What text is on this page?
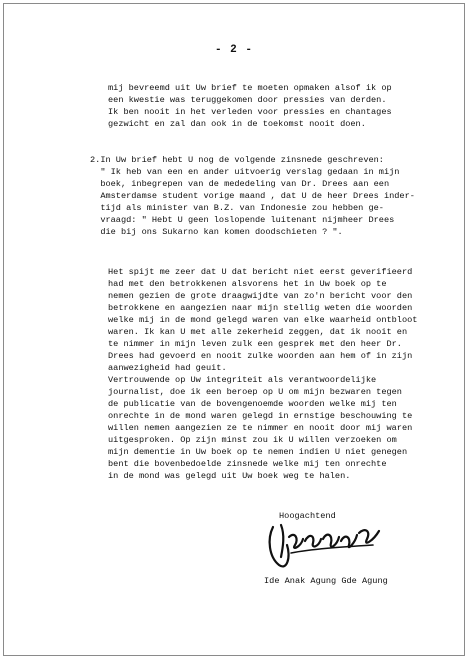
- 2 -
mij bevreemd uit Uw brief te moeten opmaken alsof ik op
een kwestie was teruggekomen door pressies van derden.
Ik ben nooit in het verleden voor pressies en chantages
gezwicht en zal dan ook in de toekomst nooit doen.
2.In Uw brief hebt U nog de volgende zinsnede geschreven:
" Ik heb van een en ander uitvoerig verslag gedaan in mijn
boek, inbegrepen van de mededeling van Dr. Drees aan een
Amsterdamse student vorige maand , dat U de heer Drees inder-
tijd als minister van B.Z. van Indonesie zou hebben ge-
vraagd: " Hebt U geen loslopende luitenant nijmheer Drees
die bij ons Sukarno kan komen doodschieten ? ".
Het spijt me zeer dat U dat bericht niet eerst geverifieerd
had met den betrokkenen alsvorens het in Uw boek op te
nemen gezien de grote draagwijdte van zo'n bericht voor den
betrokkene en aangezien naar mijn stellig weten die woorden
welke mij in de mond gelegd waren van elke waarheid ontbloot
waren. Ik kan U met alle zekerheid zeggen, dat ik nooit en
te nimmer in mijn leven zulk een gesprek met den heer Dr.
Drees had gevoerd en nooit zulke woorden aan hem of in zijn
aanwezigheid had geuit.
Vertrouwende op Uw integriteit als verantwoordelijke
journalist, doe ik een beroep op U om mijn bezwaren tegen
de publicatie van de bovengenoemde woorden welke mij ten
onrechte in de mond waren gelegd in ernstige beschouwing te
willen nemen aangezien ze te nimmer en nooit door mij waren
uitgesproken. Op zijn minst zou ik U willen verzoeken om
mijn dementie in Uw boek op te nemen indien U niet genegen
bent die bovenbedoelde zinsnede welke mij ten onrechte
in de mond was gelegd uit Uw boek weg te halen.
Hoogachtend
Ide Anak Agung Gde Agung
